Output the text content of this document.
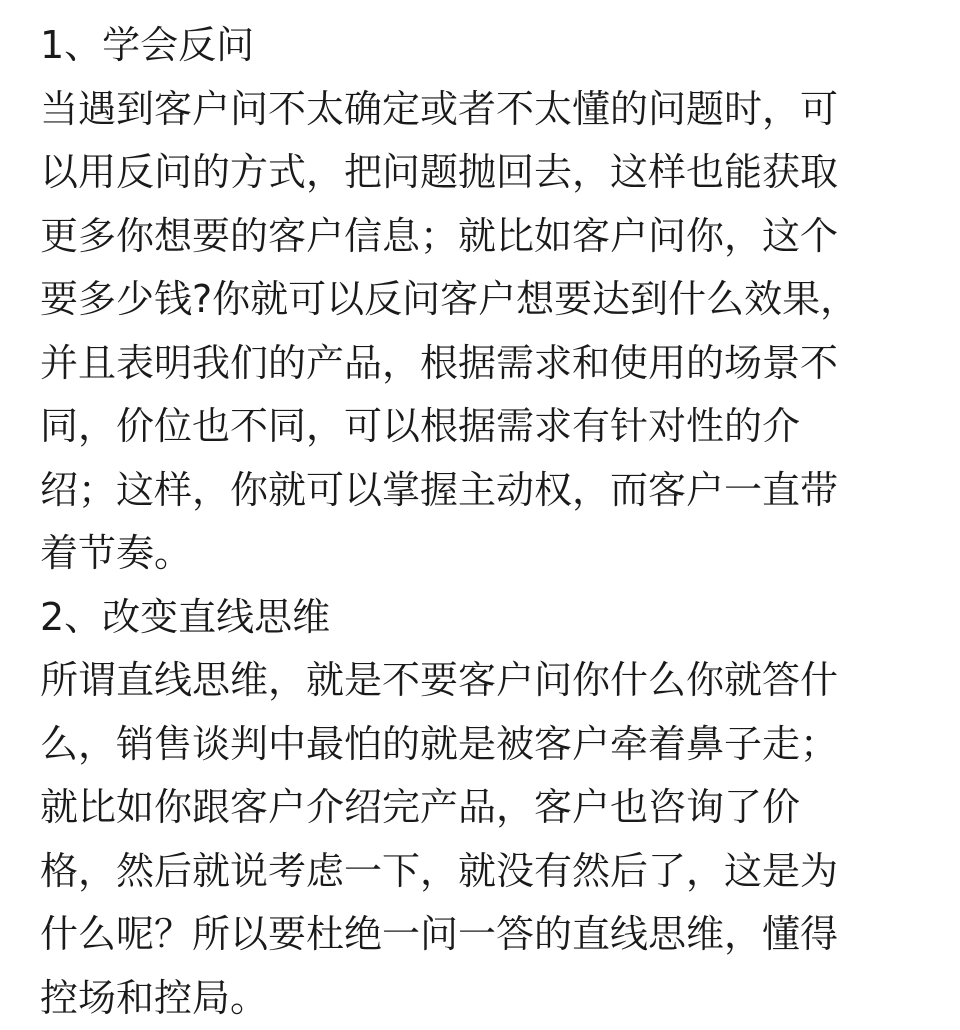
1、学会反问
当遇到客户问不太确定或者不太懂的问题时，可
以用反问的方式，把问题抛回去，这样也能获取
更多你想要的客户信息；就比如客户问你，这个
要多少钱?你就可以反问客户想要达到什么效果，
并且表明我们的产品，根据需求和使用的场景不
同，价位也不同，可以根据需求有针对性的介
绍；这样，你就可以掌握主动权，而客户一直带
着节奏。
2、改变直线思维
所谓直线思维，就是不要客户问你什么你就答什
么，销售谈判中最怕的就是被客户牵着鼻子走；
就比如你跟客户介绍完产品，客户也咨询了价
格，然后就说考虑一下，就没有然后了，这是为
什么呢？所以要杜绝一问一答的直线思维，懂得
控场和控局。
